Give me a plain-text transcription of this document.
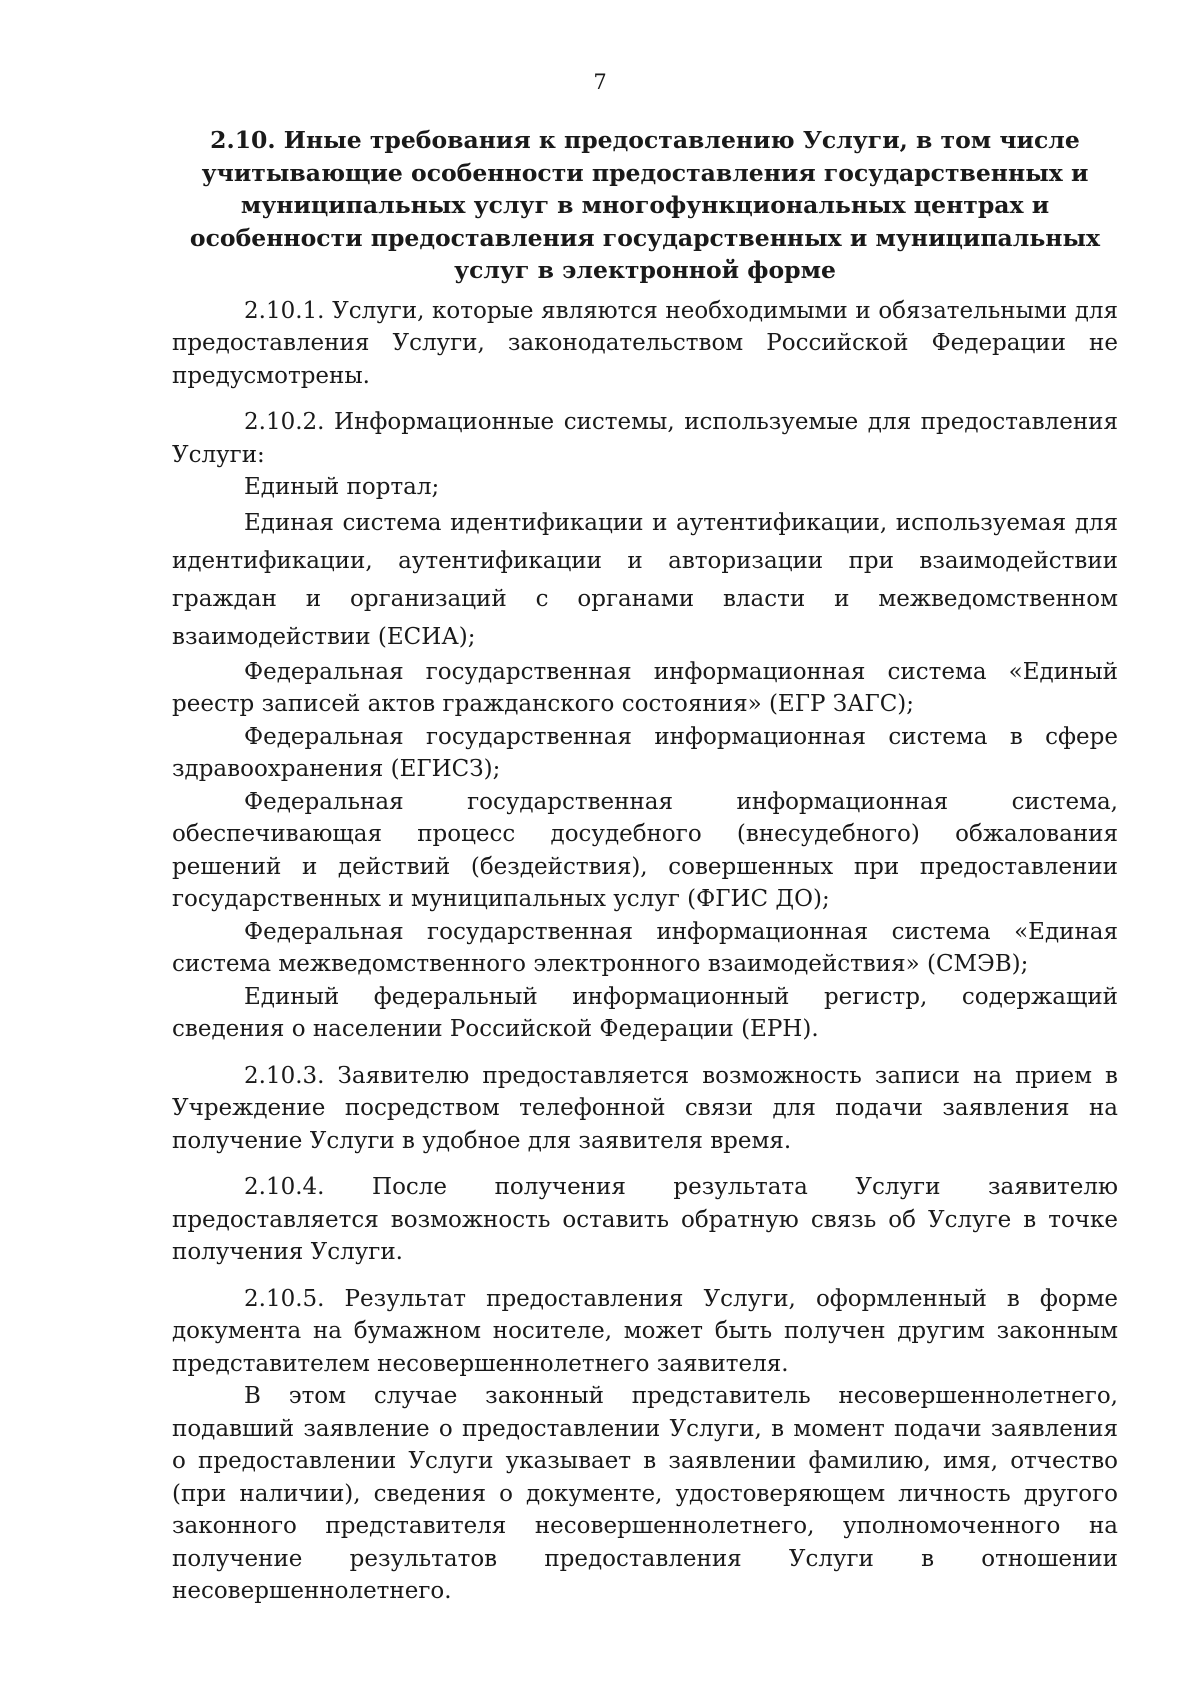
7
2.10. Иные требования к предоставлению Услуги, в том числе учитывающие особенности предоставления государственных и муниципальных услуг в многофункциональных центрах и особенности предоставления государственных и муниципальных услуг в электронной форме

2.10.1. Услуги, которые являются необходимыми и обязательными для предоставления Услуги, законодательством Российской Федерации не предусмотрены.

2.10.2. Информационные системы, используемые для предоставления Услуги:

Единый портал;

Единая система идентификации и аутентификации, используемая для идентификации, аутентификации и авторизации при взаимодействии граждан и организаций с органами власти и межведомственном взаимодействии (ЕСИА);

Федеральная государственная информационная система «Единый реестр записей актов гражданского состояния» (ЕГР ЗАГС);

Федеральная государственная информационная система в сфере здравоохранения (ЕГИСЗ);

Федеральная государственная информационная система, обеспечивающая процесс досудебного (внесудебного) обжалования решений и действий (бездействия), совершенных при предоставлении государственных и муниципальных услуг (ФГИС ДО);

Федеральная государственная информационная система «Единая система межведомственного электронного взаимодействия» (СМЭВ);

Единый федеральный информационный регистр, содержащий сведения о населении Российской Федерации (ЕРН).

2.10.3. Заявителю предоставляется возможность записи на прием в Учреждение посредством телефонной связи для подачи заявления на получение Услуги в удобное для заявителя время.

2.10.4. После получения результата Услуги заявителю предоставляется возможность оставить обратную связь об Услуге в точке получения Услуги.

2.10.5. Результат предоставления Услуги, оформленный в форме документа на бумажном носителе, может быть получен другим законным представителем несовершеннолетнего заявителя.

В этом случае законный представитель несовершеннолетнего, подавший заявление о предоставлении Услуги, в момент подачи заявления о предоставлении Услуги указывает в заявлении фамилию, имя, отчество (при наличии), сведения о документе, удостоверяющем личность другого законного представителя несовершеннолетнего, уполномоченного на получение результатов предоставления Услуги в отношении несовершеннолетнего.
